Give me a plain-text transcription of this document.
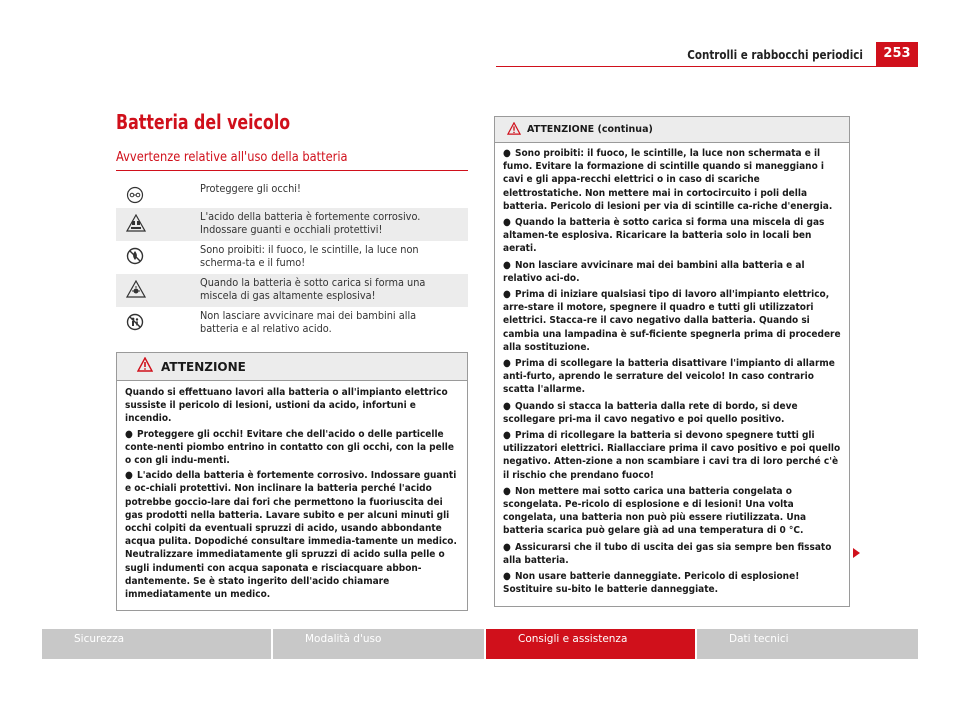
Controlli e rabbocchi periodici	253
Batteria del veicolo
Avvertenze relative all'uso della batteria
Proteggere gli occhi!
L'acido della batteria è fortemente corrosivo. Indossare guanti e occhiali protettivi!
Sono proibiti: il fuoco, le scintille, la luce non scherma-ta e il fumo!
Quando la batteria è sotto carica si forma una miscela di gas altamente esplosiva!
Non lasciare avvicinare mai dei bambini alla batteria e al relativo acido.
ATTENZIONE

Quando si effettuano lavori alla batteria o all'impianto elettrico sussiste il pericolo di lesioni, ustioni da acido, infortuni e incendio.

● Proteggere gli occhi! Evitare che dell'acido o delle particelle conte-nenti piombo entrino in contatto con gli occhi, con la pelle o con gli indu-menti.

● L'acido della batteria è fortemente corrosivo. Indossare guanti e oc-chiali protettivi. Non inclinare la batteria perché l'acido potrebbe goccio-lare dai fori che permettono la fuoriuscita dei gas prodotti nella batteria. Lavare subito e per alcuni minuti gli occhi colpiti da eventuali spruzzi di acido, usando abbondante acqua pulita. Dopodiché consultare immedia-tamente un medico. Neutralizzare immediatamente gli spruzzi di acido sulla pelle o sugli indumenti con acqua saponata e risciacquare abbon-dantemente. Se è stato ingerito dell'acido chiamare immediatamente un medico.

ATTENZIONE (continua)

● Sono proibiti: il fuoco, le scintille, la luce non schermata e il fumo. Evitare la formazione di scintille quando si maneggiano i cavi e gli appa-recchi elettrici o in caso di scariche elettrostatiche. Non mettere mai in cortocircuito i poli della batteria. Pericolo di lesioni per via di scintille ca-riche d'energia.

● Quando la batteria è sotto carica si forma una miscela di gas altamen-te esplosiva. Ricaricare la batteria solo in locali ben aerati.

● Non lasciare avvicinare mai dei bambini alla batteria e al relativo aci-do.

● Prima di iniziare qualsiasi tipo di lavoro all'impianto elettrico, arre-stare il motore, spegnere il quadro e tutti gli utilizzatori elettrici. Stacca-re il cavo negativo dalla batteria. Quando si cambia una lampadina è suf-ficiente spegnerla prima di procedere alla sostituzione.

● Prima di scollegare la batteria disattivare l'impianto di allarme anti-furto, aprendo le serrature del veicolo! In caso contrario scatta l'allarme.

● Quando si stacca la batteria dalla rete di bordo, si deve scollegare pri-ma il cavo negativo e poi quello positivo.

● Prima di ricollegare la batteria si devono spegnere tutti gli utilizzatori elettrici. Riallacciare prima il cavo positivo e poi quello negativo. Atten-zione a non scambiare i cavi tra di loro perché c'è il rischio che prendano fuoco!

● Non mettere mai sotto carica una batteria congelata o scongelata. Pe-ricolo di esplosione e di lesioni! Una volta congelata, una batteria non può più essere riutilizzata. Una batteria scarica può gelare già ad una temperatura di 0 °C.

● Assicurarsi che il tubo di uscita dei gas sia sempre ben fissato alla batteria.

● Non usare batterie danneggiate. Pericolo di esplosione! Sostituire su-bito le batterie danneggiate.

Sicurezza	Modalità d'uso	Consigli e assistenza	Dati tecnici
